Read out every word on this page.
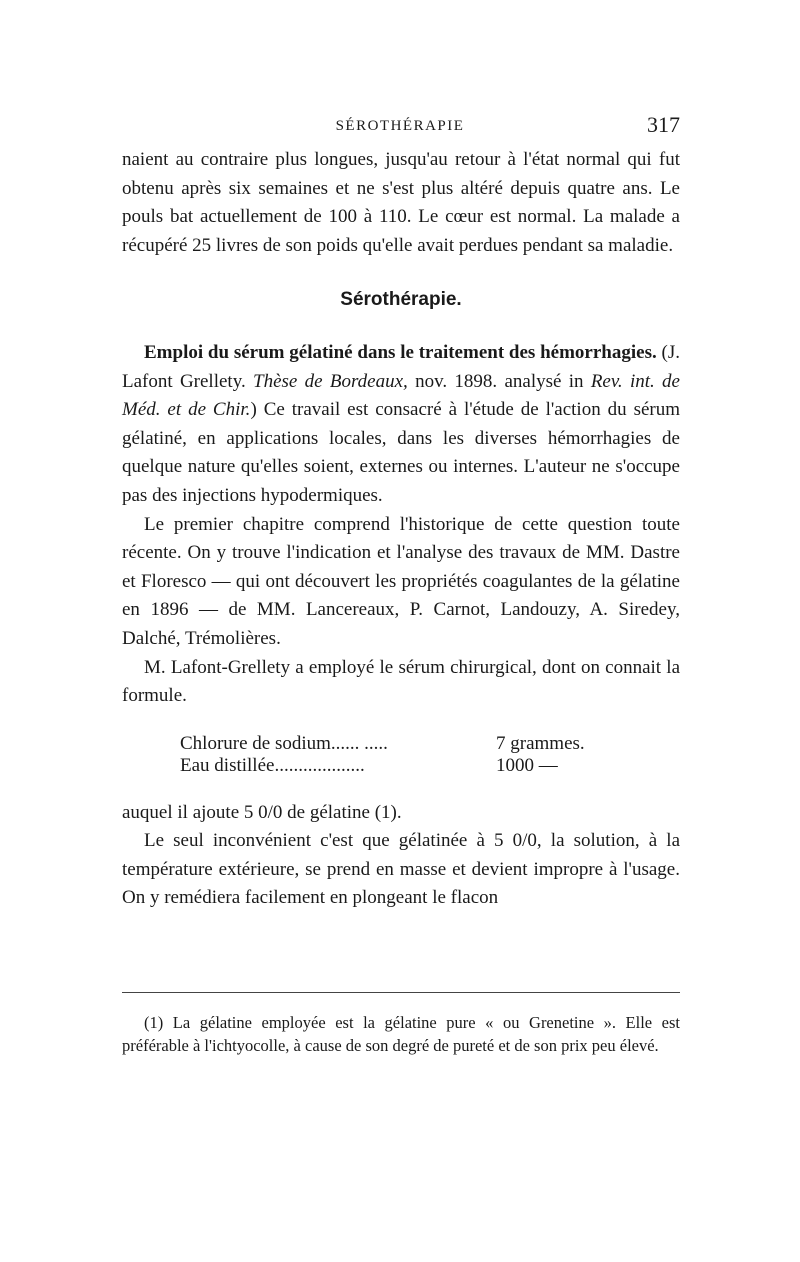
SÉROTHÉRAPIE	317

naient au contraire plus longues, jusqu'au retour à l'état normal qui fut obtenu après six semaines et ne s'est plus altéré depuis quatre ans. Le pouls bat actuellement de 100 à 110. Le cœur est normal. La malade a récupéré 25 livres de son poids qu'elle avait perdues pendant sa maladie.

Sérothérapie.

Emploi du sérum gélatiné dans le traitement des hémorrhagies. (J. Lafont Grellety. Thèse de Bordeaux, nov. 1898. analysé in Rev. int. de Méd. et de Chir.) Ce travail est consacré à l'étude de l'action du sérum gélatiné, en applications locales, dans les diverses hémorrhagies de quelque nature qu'elles soient, externes ou internes. L'auteur ne s'occupe pas des injections hypodermiques.

Le premier chapitre comprend l'historique de cette question toute récente. On y trouve l'indication et l'analyse des travaux de MM. Dastre et Floresco — qui ont découvert les propriétés coagulantes de la gélatine en 1896 — de MM. Lancereaux, P. Carnot, Landouzy, A. Siredey, Dalché, Trémolières.

M. Lafont-Grellety a employé le sérum chirurgical, dont on connait la formule.

Chlorure de sodium...... .....	7 grammes.
Eau distillée...................	1000 —

auquel il ajoute 5 0/0 de gélatine (1).

Le seul inconvénient c'est que gélatinée à 5 0/0, la solution, à la température extérieure, se prend en masse et devient impropre à l'usage. On y remédiera facilement en plongeant le flacon

(1) La gélatine employée est la gélatine pure « ou Grenetine ». Elle est préférable à l'ichtyocolle, à cause de son degré de pureté et de son prix peu élevé.
